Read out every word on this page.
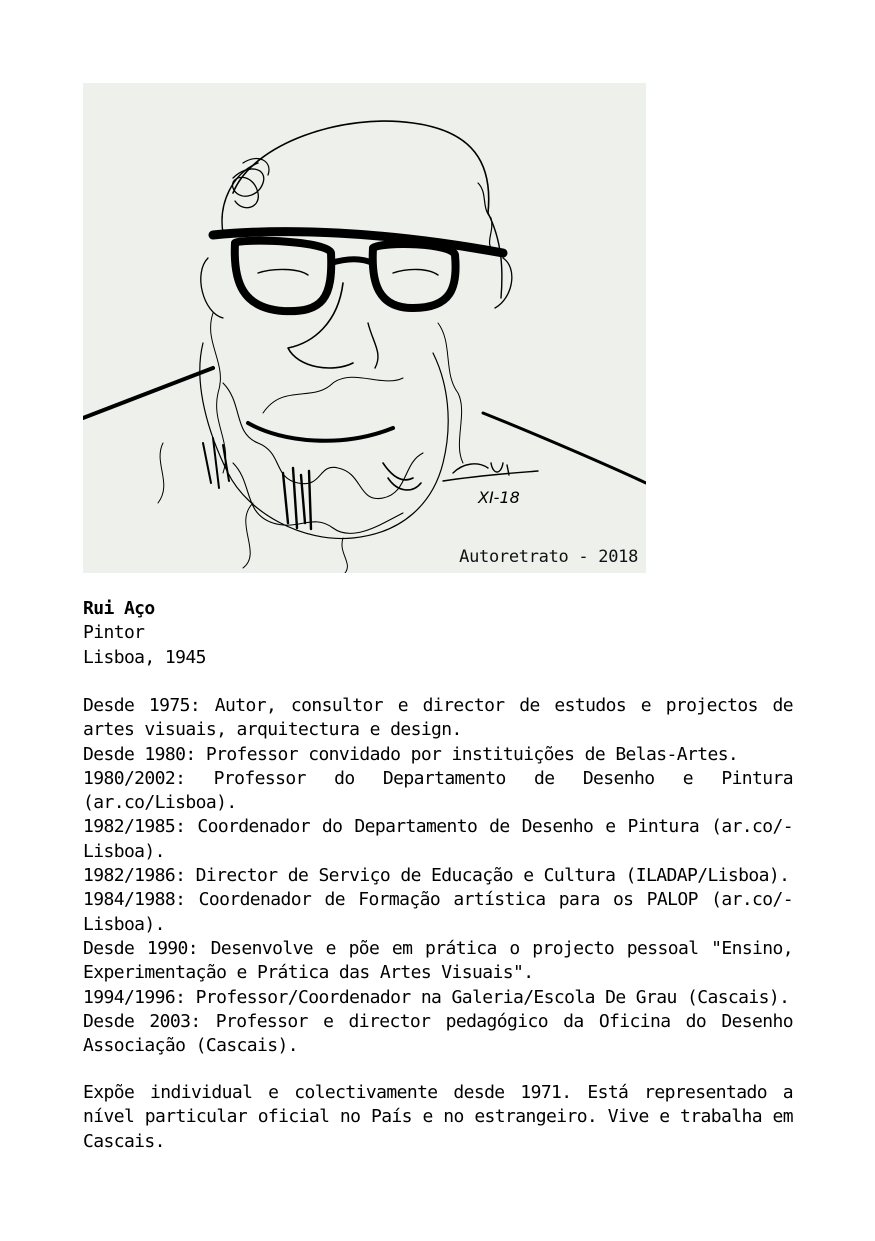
XI-18
Autoretrato - 2018
Rui Aço
Pintor
Lisboa, 1945

Desde 1975: Autor, consultor e director de estudos e projectos de artes visuais, arquitectura e design.

Desde 1980: Professor convidado por instituições de Belas-Artes.

1980/2002: Professor do Departamento de Desenho e Pintura (ar.co/Lisboa).

1982/1985: Coordenador do Departamento de Desenho e Pintura (ar.co/-Lisboa).

1982/1986: Director de Serviço de Educação e Cultura (ILADAP/Lisboa).

1984/1988: Coordenador de Formação artística para os PALOP (ar.co/-Lisboa).

Desde 1990: Desenvolve e põe em prática o projecto pessoal "Ensino, Experimentação e Prática das Artes Visuais".

1994/1996: Professor/Coordenador na Galeria/Escola De Grau (Cascais).

Desde 2003: Professor e director pedagógico da Oficina do Desenho Associação (Cascais).

Expõe individual e colectivamente desde 1971. Está representado a nível particular oficial no País e no estrangeiro. Vive e trabalha em Cascais.
